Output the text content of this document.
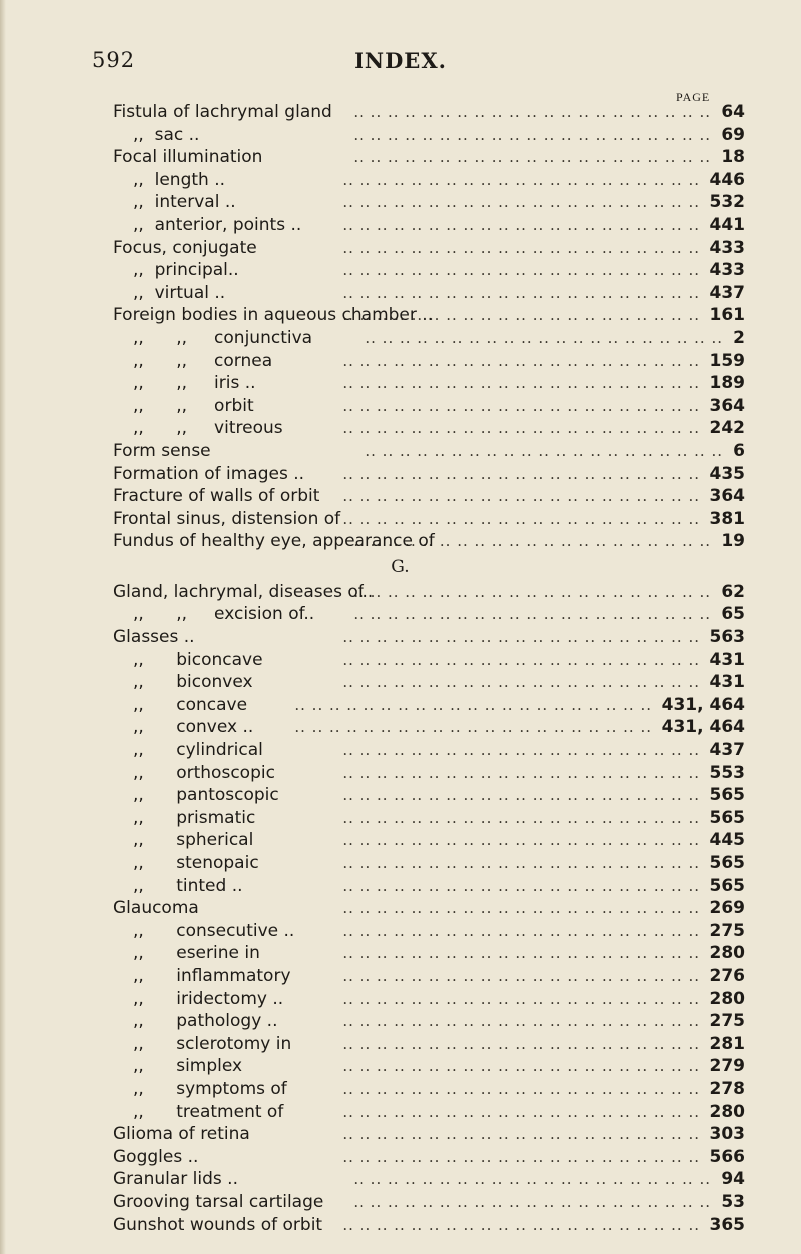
592	INDEX.
PAGE
.. .. .. .. .. .. .. .. .. .. .. .. .. .. .. .. .. .. .. .. ..
Fistula of lachrymal gland	64
.. .. .. .. .. .. .. .. .. .. .. .. .. .. .. .. .. .. .. .. ..
,,  sac ..	69
.. .. .. .. .. .. .. .. .. .. .. .. .. .. .. .. .. .. .. .. ..
Focal illumination	18
.. .. .. .. .. .. .. .. .. .. .. .. .. .. .. .. .. .. .. .. ..
,,  length ..	446
.. .. .. .. .. .. .. .. .. .. .. .. .. .. .. .. .. .. .. .. ..
,,  interval ..	532
.. .. .. .. .. .. .. .. .. .. .. .. .. .. .. .. .. .. .. .. ..
,,  anterior, points ..	441
.. .. .. .. .. .. .. .. .. .. .. .. .. .. .. .. .. .. .. .. ..
Focus, conjugate	433
.. .. .. .. .. .. .. .. .. .. .. .. .. .. .. .. .. .. .. .. ..
,,  principal..	433
.. .. .. .. .. .. .. .. .. .. .. .. .. .. .. .. .. .. .. .. ..
,,  virtual ..	437
.. .. .. .. .. .. .. .. .. .. .. .. .. .. .. .. .. .. .. .. ..
Foreign bodies in aqueous chamber ..	161
.. .. .. .. .. .. .. .. .. .. .. .. .. .. .. .. .. .. .. .. ..
,,      ,,     conjunctiva	2
.. .. .. .. .. .. .. .. .. .. .. .. .. .. .. .. .. .. .. .. ..
,,      ,,     cornea	159
.. .. .. .. .. .. .. .. .. .. .. .. .. .. .. .. .. .. .. .. ..
,,      ,,     iris ..	189
.. .. .. .. .. .. .. .. .. .. .. .. .. .. .. .. .. .. .. .. ..
,,      ,,     orbit	364
.. .. .. .. .. .. .. .. .. .. .. .. .. .. .. .. .. .. .. .. ..
,,      ,,     vitreous	242
.. .. .. .. .. .. .. .. .. .. .. .. .. .. .. .. .. .. .. .. ..
Form sense	6
.. .. .. .. .. .. .. .. .. .. .. .. .. .. .. .. .. .. .. .. ..
Formation of images ..	435
.. .. .. .. .. .. .. .. .. .. .. .. .. .. .. .. .. .. .. .. ..
Fracture of walls of orbit	364
.. .. .. .. .. .. .. .. .. .. .. .. .. .. .. .. .. .. .. .. ..
Frontal sinus, distension of	381
.. .. .. .. .. .. .. .. .. .. .. .. .. .. .. .. .. .. .. .. ..
Fundus of healthy eye, appearance of	19
G.
.. .. .. .. .. .. .. .. .. .. .. .. .. .. .. .. .. .. .. .. ..
Gland, lachrymal, diseases of..	62
.. .. .. .. .. .. .. .. .. .. .. .. .. .. .. .. .. .. .. .. ..
,,      ,,     excision of..	65
.. .. .. .. .. .. .. .. .. .. .. .. .. .. .. .. .. .. .. .. ..
Glasses ..	563
.. .. .. .. .. .. .. .. .. .. .. .. .. .. .. .. .. .. .. .. ..
,,      biconcave	431
.. .. .. .. .. .. .. .. .. .. .. .. .. .. .. .. .. .. .. .. ..
,,      biconvex	431
.. .. .. .. .. .. .. .. .. .. .. .. .. .. .. .. .. .. .. .. ..
,,      concave	431, 464
.. .. .. .. .. .. .. .. .. .. .. .. .. .. .. .. .. .. .. .. ..
,,      convex ..	431, 464
.. .. .. .. .. .. .. .. .. .. .. .. .. .. .. .. .. .. .. .. ..
,,      cylindrical	437
.. .. .. .. .. .. .. .. .. .. .. .. .. .. .. .. .. .. .. .. ..
,,      orthoscopic	553
.. .. .. .. .. .. .. .. .. .. .. .. .. .. .. .. .. .. .. .. ..
,,      pantoscopic	565
.. .. .. .. .. .. .. .. .. .. .. .. .. .. .. .. .. .. .. .. ..
,,      prismatic	565
.. .. .. .. .. .. .. .. .. .. .. .. .. .. .. .. .. .. .. .. ..
,,      spherical	445
.. .. .. .. .. .. .. .. .. .. .. .. .. .. .. .. .. .. .. .. ..
,,      stenopaic	565
.. .. .. .. .. .. .. .. .. .. .. .. .. .. .. .. .. .. .. .. ..
,,      tinted ..	565
.. .. .. .. .. .. .. .. .. .. .. .. .. .. .. .. .. .. .. .. ..
Glaucoma	269
.. .. .. .. .. .. .. .. .. .. .. .. .. .. .. .. .. .. .. .. ..
,,      consecutive ..	275
.. .. .. .. .. .. .. .. .. .. .. .. .. .. .. .. .. .. .. .. ..
,,      eserine in	280
.. .. .. .. .. .. .. .. .. .. .. .. .. .. .. .. .. .. .. .. ..
,,      inflammatory	276
.. .. .. .. .. .. .. .. .. .. .. .. .. .. .. .. .. .. .. .. ..
,,      iridectomy ..	280
.. .. .. .. .. .. .. .. .. .. .. .. .. .. .. .. .. .. .. .. ..
,,      pathology ..	275
.. .. .. .. .. .. .. .. .. .. .. .. .. .. .. .. .. .. .. .. ..
,,      sclerotomy in	281
.. .. .. .. .. .. .. .. .. .. .. .. .. .. .. .. .. .. .. .. ..
,,      simplex	279
.. .. .. .. .. .. .. .. .. .. .. .. .. .. .. .. .. .. .. .. ..
,,      symptoms of	278
.. .. .. .. .. .. .. .. .. .. .. .. .. .. .. .. .. .. .. .. ..
,,      treatment of	280
.. .. .. .. .. .. .. .. .. .. .. .. .. .. .. .. .. .. .. .. ..
Glioma of retina	303
.. .. .. .. .. .. .. .. .. .. .. .. .. .. .. .. .. .. .. .. ..
Goggles ..	566
.. .. .. .. .. .. .. .. .. .. .. .. .. .. .. .. .. .. .. .. ..
Granular lids ..	94
.. .. .. .. .. .. .. .. .. .. .. .. .. .. .. .. .. .. .. .. ..
Grooving tarsal cartilage	53
.. .. .. .. .. .. .. .. .. .. .. .. .. .. .. .. .. .. .. .. ..
Gunshot wounds of orbit	365
